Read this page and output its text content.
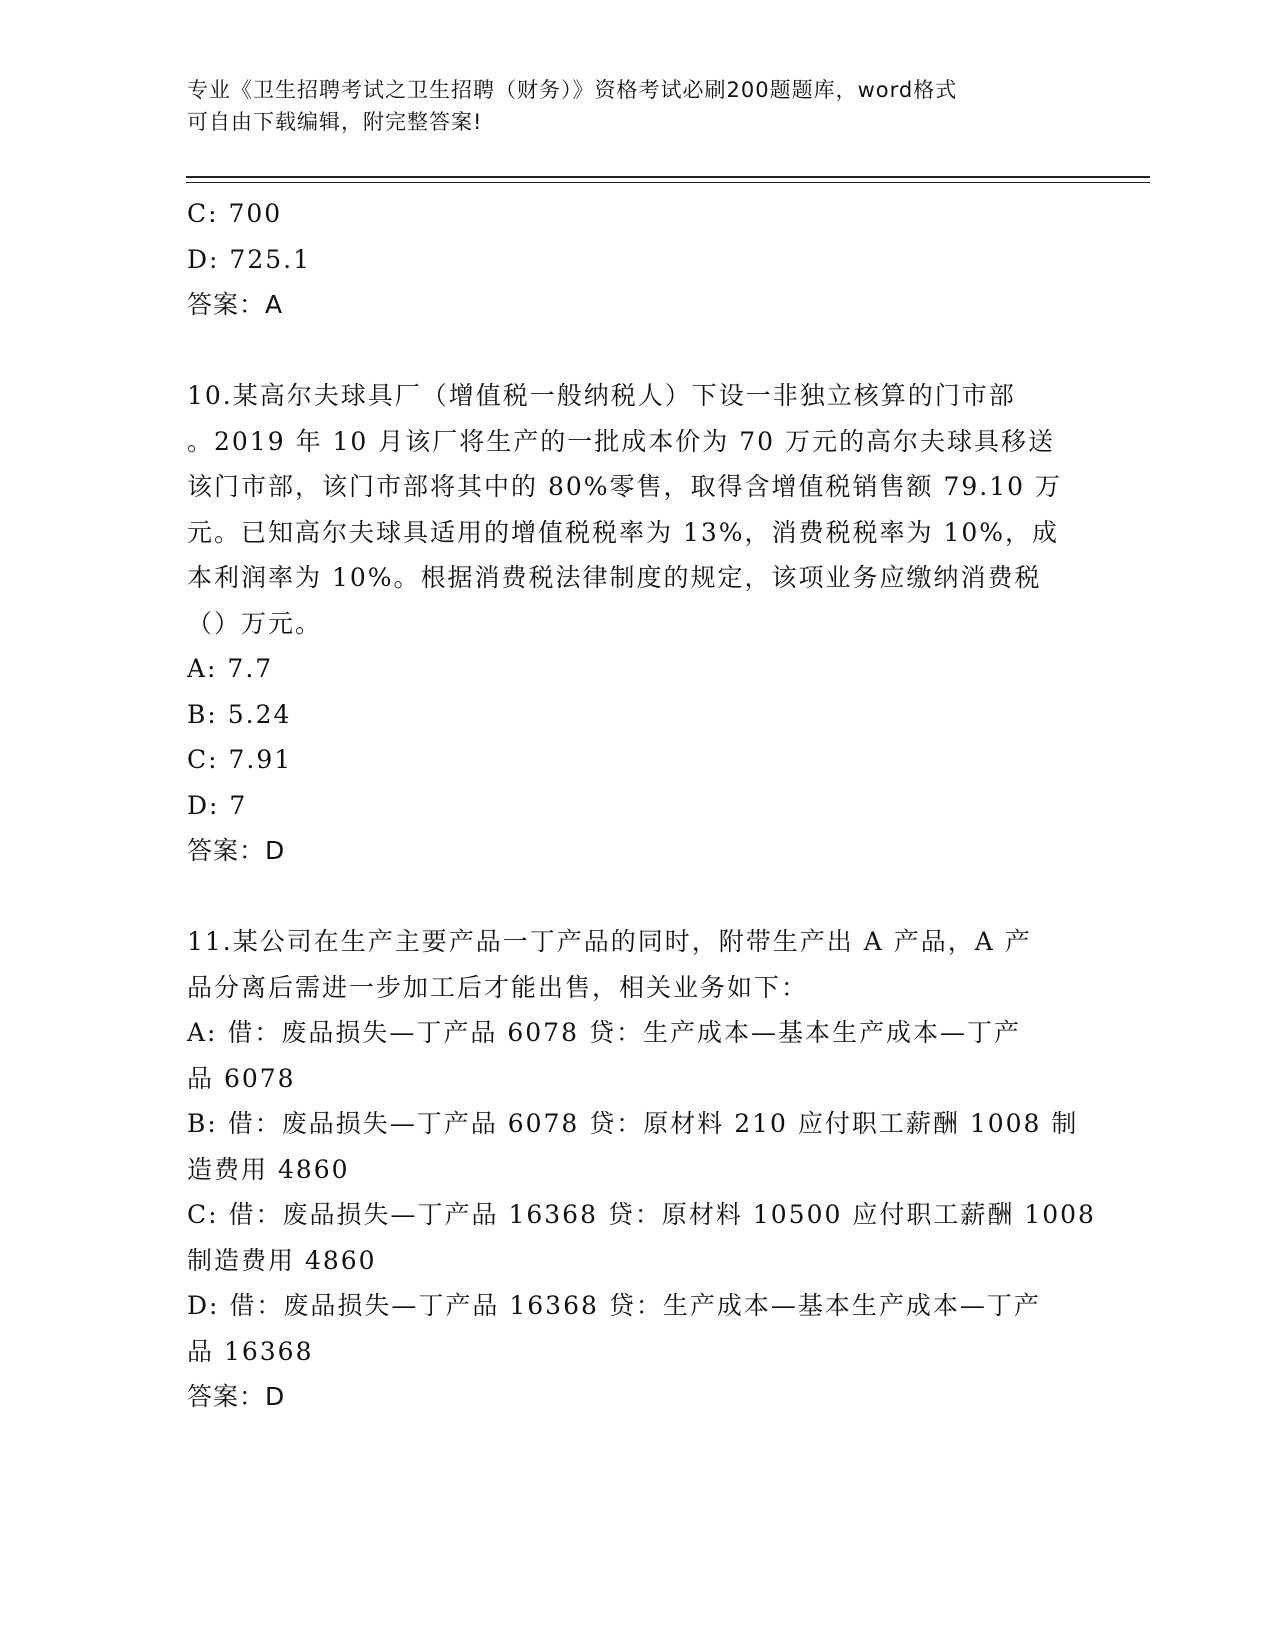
专业《卫生招聘考试之卫生招聘（财务）》资格考试必刷200题题库，word格式
可自由下载编辑，附完整答案!
C: 700
D: 725.1
答案：A
10.某高尔夫球具厂（增值税一般纳税人）下设一非独立核算的门市部
。2019 年 10 月该厂将生产的一批成本价为 70 万元的高尔夫球具移送
该门市部，该门市部将其中的 80%零售，取得含增值税销售额 79.10 万
元。已知高尔夫球具适用的增值税税率为 13%，消费税税率为 10%，成
本利润率为 10%。根据消费税法律制度的规定，该项业务应缴纳消费税
（）万元。
A: 7.7
B: 5.24
C: 7.91
D: 7
答案：D
11.某公司在生产主要产品一丁产品的同时，附带生产出 A 产品，A 产
品分离后需进一步加工后才能出售，相关业务如下：
A: 借：废品损失—丁产品 6078 贷：生产成本—基本生产成本—丁产
品 6078
B: 借：废品损失—丁产品 6078 贷：原材料 210 应付职工薪酬 1008 制
造费用 4860
C: 借：废品损失—丁产品 16368 贷：原材料 10500 应付职工薪酬 1008
制造费用 4860
D: 借：废品损失—丁产品 16368 贷：生产成本—基本生产成本—丁产
品 16368
答案：D
